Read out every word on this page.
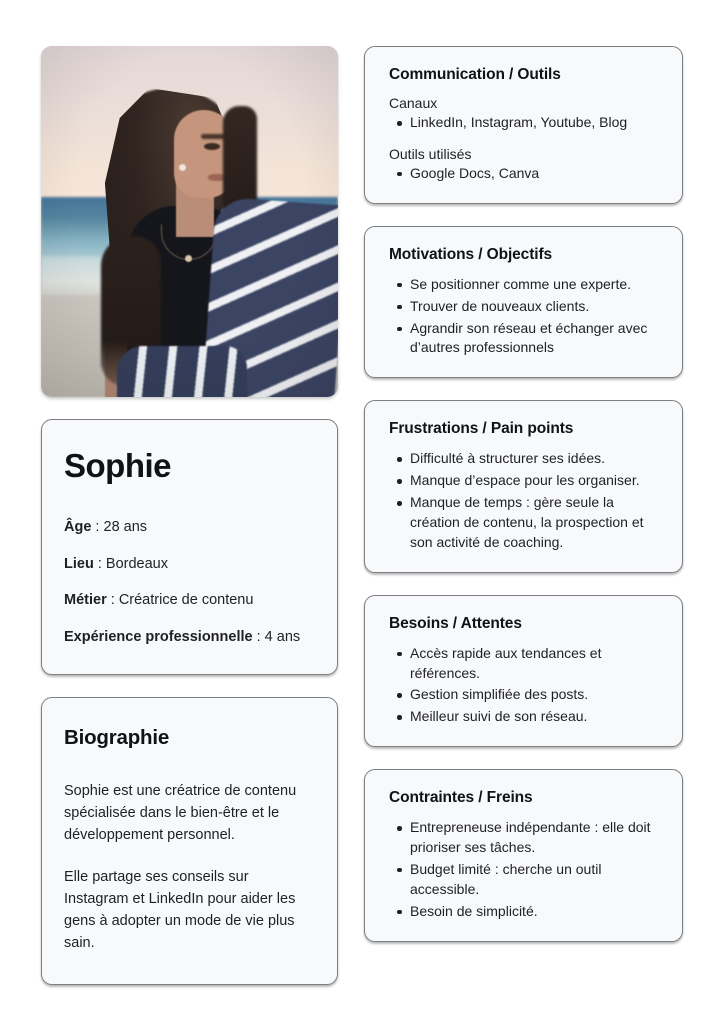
Sophie
Âge : 28 ans
Lieu : Bordeaux
Métier : Créatrice de contenu
Expérience professionnelle : 4 ans
Biographie

Sophie est une créatrice de contenu spécialisée dans le bien-être et le développement personnel.

Elle partage ses conseils sur Instagram et LinkedIn pour aider les gens à adopter un mode de vie plus sain.

Communication / Outils

Canaux

LinkedIn, Instagram, Youtube, Blog

Outils utilisés

Google Docs, Canva
Motivations / Objectifs
Se positionner comme une experte.
Trouver de nouveaux clients.
Agrandir son réseau et échanger avec d’autres professionnels
Frustrations / Pain points
Difficulté à structurer ses idées.
Manque d’espace pour les organiser.
Manque de temps : gère seule la création de contenu, la prospection et son activité de coaching.
Besoins / Attentes
Accès rapide aux tendances et références.
Gestion simplifiée des posts.
Meilleur suivi de son réseau.
Contraintes / Freins
Entrepreneuse indépendante : elle doit prioriser ses tâches.
Budget limité : cherche un outil accessible.
Besoin de simplicité.
